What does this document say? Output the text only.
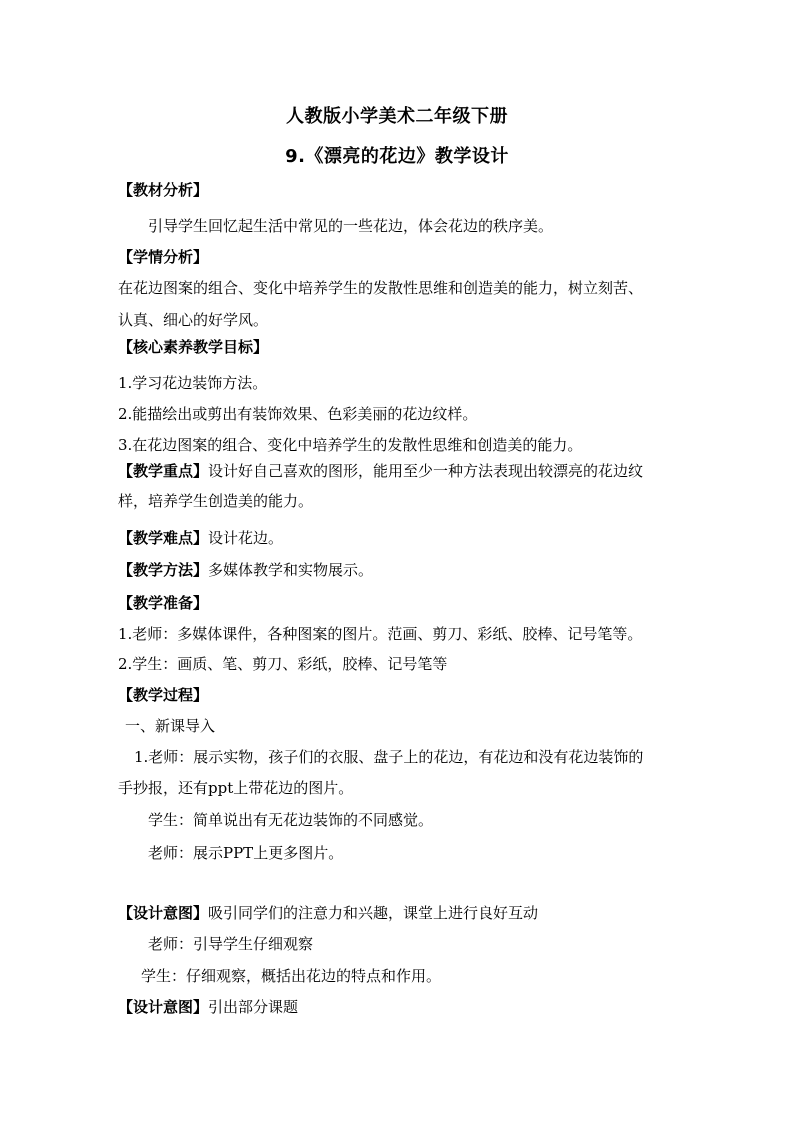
人教版小学美术二年级下册
9.《漂亮的花边》教学设计
【教材分析】
引导学生回忆起生活中常见的一些花边，体会花边的秩序美。
【学情分析】
在花边图案的组合、变化中培养学生的发散性思维和创造美的能力，树立刻苦、
认真、细心的好学风。
【核心素养教学目标】
1.学习花边装饰方法。
2.能描绘出或剪出有装饰效果、色彩美丽的花边纹样。
3.在花边图案的组合、变化中培养学生的发散性思维和创造美的能力。
【教学重点】设计好自己喜欢的图形，能用至少一种方法表现出较漂亮的花边纹
样，培养学生创造美的能力。
【教学难点】设计花边。
【教学方法】多媒体教学和实物展示。
【教学准备】
1.老师：多媒体课件，各种图案的图片。范画、剪刀、彩纸、胶棒、记号笔等。
2.学生：画质、笔、剪刀、彩纸，胶棒、记号笔等
【教学过程】
一、新课导入
1.老师：展示实物，孩子们的衣服、盘子上的花边，有花边和没有花边装饰的
手抄报，还有ppt上带花边的图片。
学生：简单说出有无花边装饰的不同感觉。
老师：展示PPT上更多图片。
【设计意图】吸引同学们的注意力和兴趣，课堂上进行良好互动
老师：引导学生仔细观察
学生：仔细观察，概括出花边的特点和作用。
【设计意图】引出部分课题
